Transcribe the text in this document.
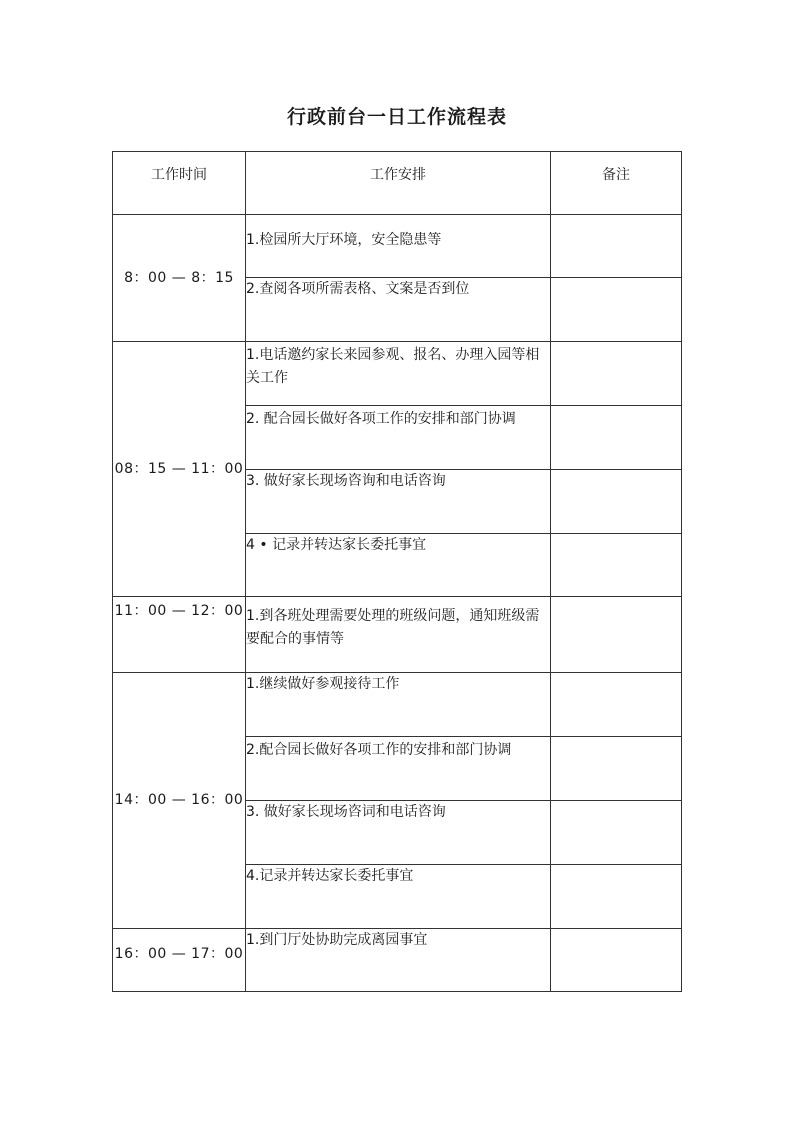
行政前台一日工作流程表
工作时间	工作安排	备注
8：00 — 8：15	1.检园所大厅环境，安全隐患等	
	2.查阅各项所需表格、文案是否到位	
08：15 — 11：00	1.电话邀约家长来园参观、报名、办理入园等相关工作	
	2. 配合园长做好各项工作的安排和部门协调	
	3. 做好家长现场咨询和电话咨询	
	4 • 记录并转达家长委托事宜	
11：00 — 12：00	1.到各班处理需要处理的班级问题，通知班级需要配合的事情等	
14：00 — 16：00	1.继续做好参观接待工作	
	2.配合园长做好各项工作的安排和部门协调	
	3. 做好家长现场咨词和电话咨询	
	4.记录并转达家长委托事宜	
16：00 — 17：00	1.到门厅处协助完成离园事宜	
